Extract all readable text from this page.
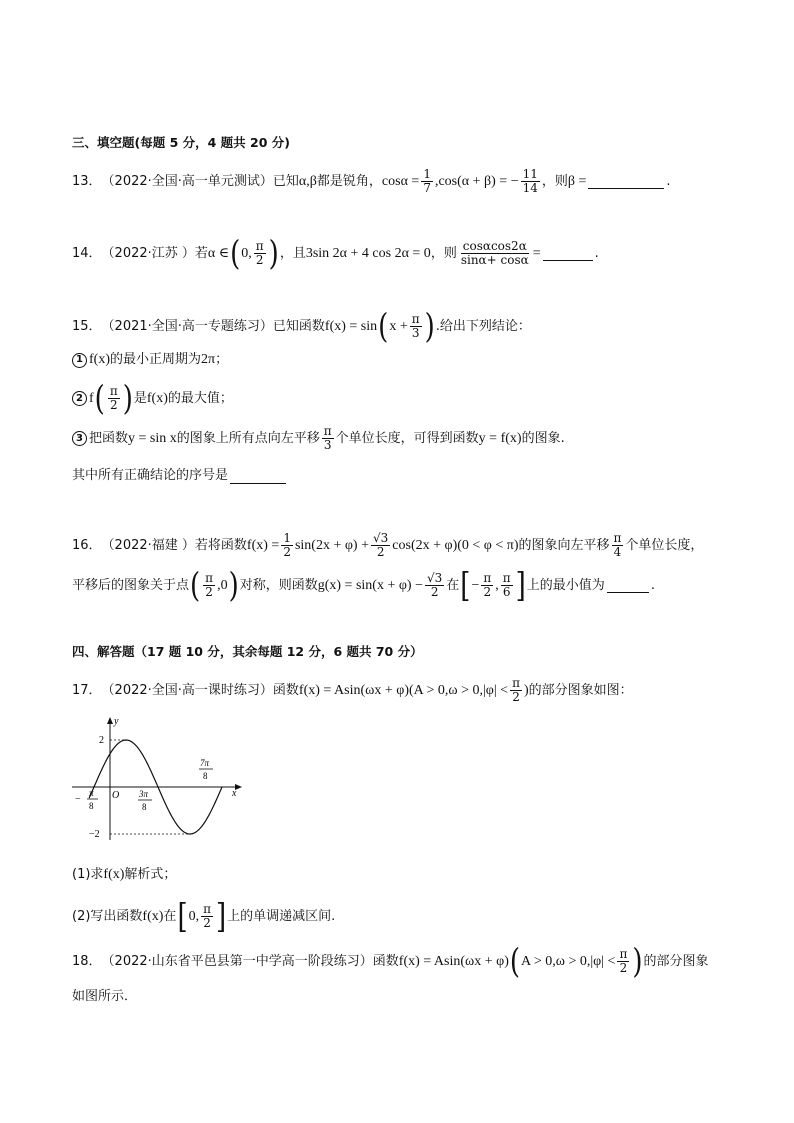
三、填空题(每题 5 分，4 题共 20 分)
13． （2022·全国·高一单元测试） 已知 α,β 都是锐角， $\cos\alpha = \frac{1}{7} ,\cos(\alpha + \beta)$ = − $\frac{11}{14}$ ，则 β =	.
14． （2022·江苏 ） 若 α ∈ ( 0, $\frac{\pi}{2}$ ) ，且 3sin 2α + 4 cos 2α = 0 ，则 $\frac{\cos\alpha\cos 2\alpha}{\sin\alpha+ \cos\alpha}$ =	.
15． （2021·全国·高一专题练习） 已知函数 f(x) = sin ( $x + \frac{\pi}{3}$ ) .给出下列结论：
1 f(x) 的最小正周期为 2π ；
2 f ( $\frac{\pi}{2}$ ) 是 f(x) 的最大值；
3 把函数 y = sin x 的图象上所有点向左平移 $\frac{\pi}{3}$ 个单位长度，可得到函数 y = f(x) 的图象.
其中所有正确结论的序号是
16． （2022·福建 ） 若将函数 $f(x) = \frac{1}{2} \sin(2x + \varphi) + \frac{√3}{2} \cos(2x + \varphi)(0 < \varphi < \pi)$ 的图象向左平移 $\frac{\pi}{4}$ 个单位长度，
平移后的图象关于点 ( $\frac{\pi}{2} ,0$ ) 对称，则函数 $g(x) = \sin(x + \varphi) - \frac{√3}{2}$ 在 [ − $\frac{\pi}{2}$ , $\frac{\pi}{6}$ ] 上的最小值为	.
四、解答题（17 题 10 分，其余每题 12 分，6 题共 70 分）
17． （2022·全国·高一课时练习） 函数 $f(x) = Asin(\omega x + \varphi)(A > 0,\omega > 0,|\varphi| < \frac{\pi}{2}$ ) 的部分图象如图：
y
x
O
2
−2
−
π
8
3π
8
7π
8
(1)求 f(x) 解析式；
(2)写出函数 f(x) 在 [ 0, $\frac{\pi}{2}$ ] 上的单调递减区间.
18． （2022·山东省平邑县第一中学高一阶段练习） 函数 f(x) = Asin(ωx + φ) ( $A > 0,\omega > 0,|\varphi| < \frac{\pi}{2}$ ) 的部分图象
如图所示．
